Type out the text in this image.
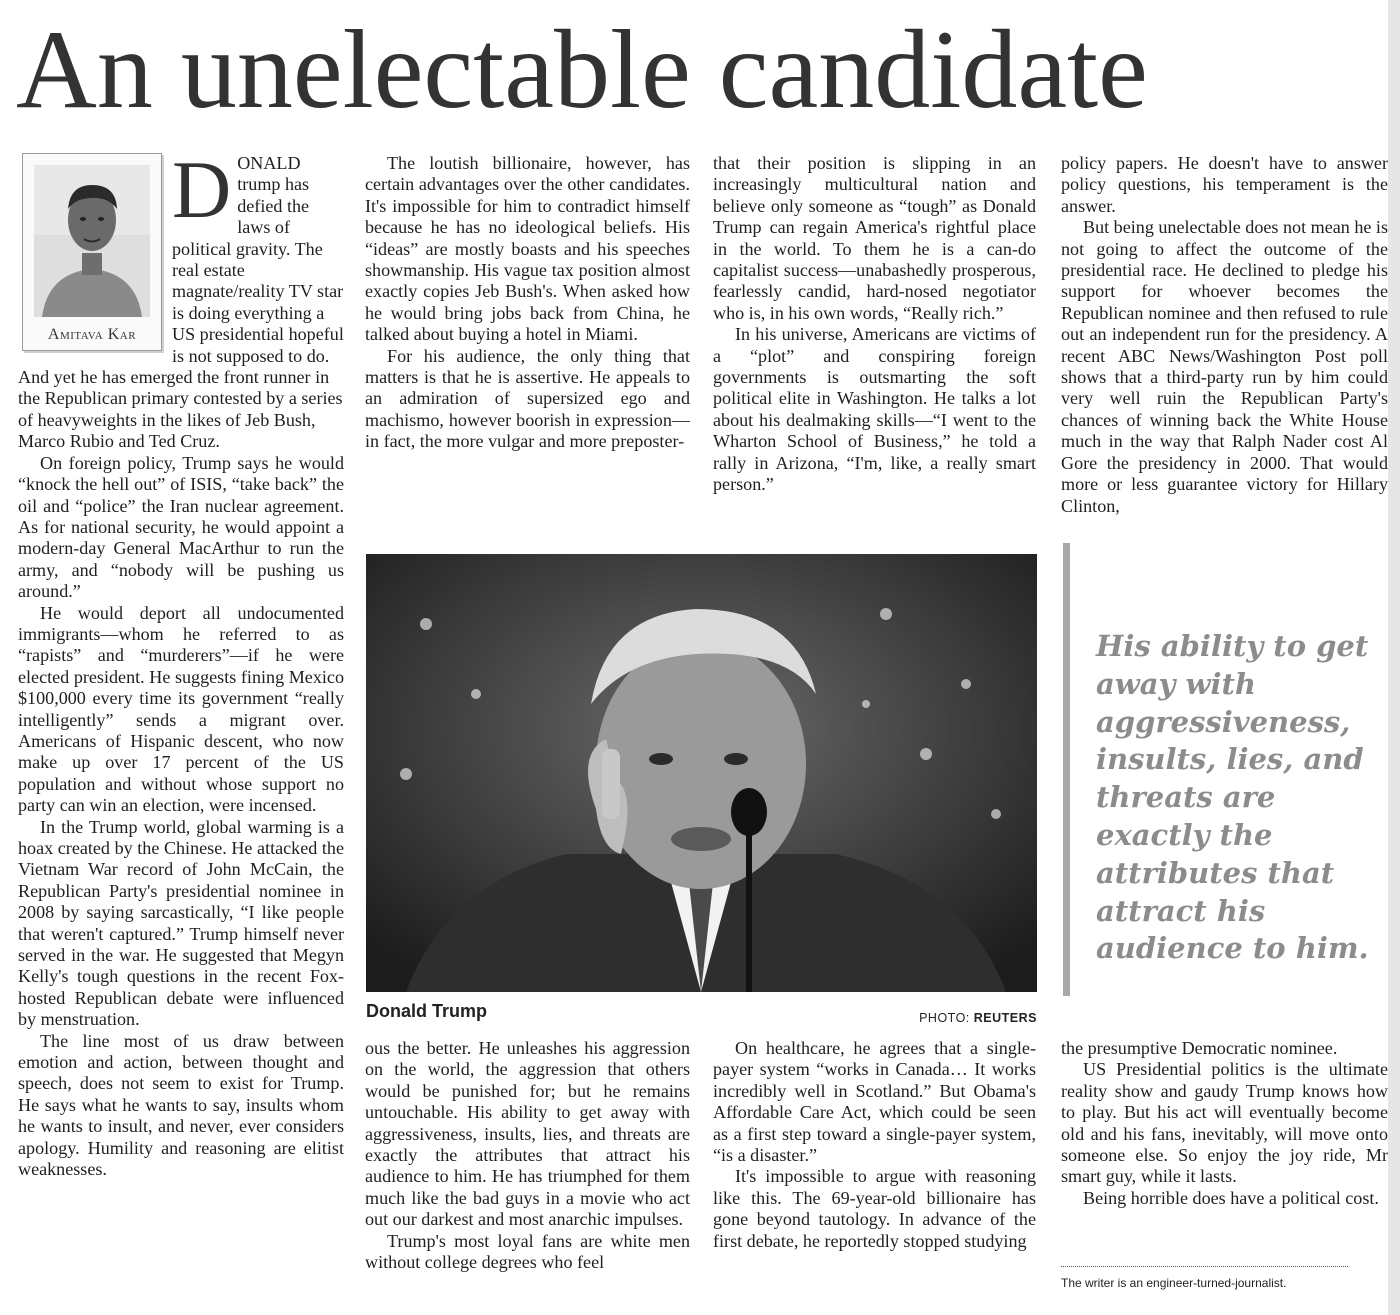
An unelectable candidate
Amitava Kar

DONALD trump has defied the laws of political gravity. The real estate magnate/reality TV star is doing everything a US presidential hopeful is not supposed to do. And yet he has emerged the front runner in the Republican primary contested by a series of heavyweights in the likes of Jeb Bush, Marco Rubio and Ted Cruz.

On foreign policy, Trump says he would “knock the hell out” of ISIS, “take back” the oil and “police” the Iran nuclear agreement. As for national security, he would appoint a modern-day General MacArthur to run the army, and “nobody will be pushing us around.”

He would deport all undocumented immigrants—whom he referred to as “rapists” and “murderers”—if he were elected president. He suggests fining Mexico $100,000 every time its government “really intelligently” sends a migrant over. Americans of Hispanic descent, who now make up over 17 percent of the US population and without whose support no party can win an election, were incensed.

In the Trump world, global warming is a hoax created by the Chinese. He attacked the Vietnam War record of John McCain, the Republican Party's presidential nominee in 2008 by saying sarcastically, “I like people that weren't captured.” Trump himself never served in the war. He suggested that Megyn Kelly's tough questions in the recent Fox-hosted Republican debate were influenced by menstruation.

The line most of us draw between emotion and action, between thought and speech, does not seem to exist for Trump. He says what he wants to say, insults whom he wants to insult, and never, ever considers apology. Humility and reasoning are elitist weaknesses.

The loutish billionaire, however, has certain advantages over the other candidates. It's impossible for him to contradict himself because he has no ideological beliefs. His “ideas” are mostly boasts and his speeches showmanship. His vague tax position almost exactly copies Jeb Bush's. When asked how he would bring jobs back from China, he talked about buying a hotel in Miami.

For his audience, the only thing that matters is that he is assertive. He appeals to an admiration of supersized ego and machismo, however boorish in expression—in fact, the more vulgar and more preposter-

that their position is slipping in an increasingly multicultural nation and believe only someone as “tough” as Donald Trump can regain America's rightful place in the world. To them he is a can-do capitalist success—unabashedly prosperous, fearlessly candid, hard-nosed negotiator who is, in his own words, “Really rich.”

In his universe, Americans are victims of a “plot” and conspiring foreign governments is outsmarting the soft political elite in Washington. He talks a lot about his dealmaking skills—“I went to the Wharton School of Business,” he told a rally in Arizona, “I'm, like, a really smart person.”

policy papers. He doesn't have to answer policy questions, his temperament is the answer.

But being unelectable does not mean he is not going to affect the outcome of the presidential race. He declined to pledge his support for whoever becomes the Republican nominee and then refused to rule out an independent run for the presidency. A recent ABC News/Washington Post poll shows that a third-party run by him could very well ruin the Republican Party's chances of winning back the White House much in the way that Ralph Nader cost Al Gore the presidency in 2000. That would more or less guarantee victory for Hillary Clinton,

Donald Trump	PHOTO: REUTERS

His ability to get away with aggressiveness, insults, lies, and threats are exactly the attributes that attract his audience to him.

ous the better. He unleashes his aggression on the world, the aggression that others would be punished for; but he remains untouchable. His ability to get away with aggressiveness, insults, lies, and threats are exactly the attributes that attract his audience to him. He has triumphed for them much like the bad guys in a movie who act out our darkest and most anarchic impulses.

Trump's most loyal fans are white men without college degrees who feel

On healthcare, he agrees that a single-payer system “works in Canada… It works incredibly well in Scotland.” But Obama's Affordable Care Act, which could be seen as a first step toward a single-payer system, “is a disaster.”

It's impossible to argue with reasoning like this. The 69-year-old billionaire has gone beyond tautology. In advance of the first debate, he reportedly stopped studying

the presumptive Democratic nominee.

US Presidential politics is the ultimate reality show and gaudy Trump knows how to play. But his act will eventually become old and his fans, inevitably, will move onto someone else. So enjoy the joy ride, Mr smart guy, while it lasts.

Being horrible does have a political cost.

The writer is an engineer-turned-journalist.
